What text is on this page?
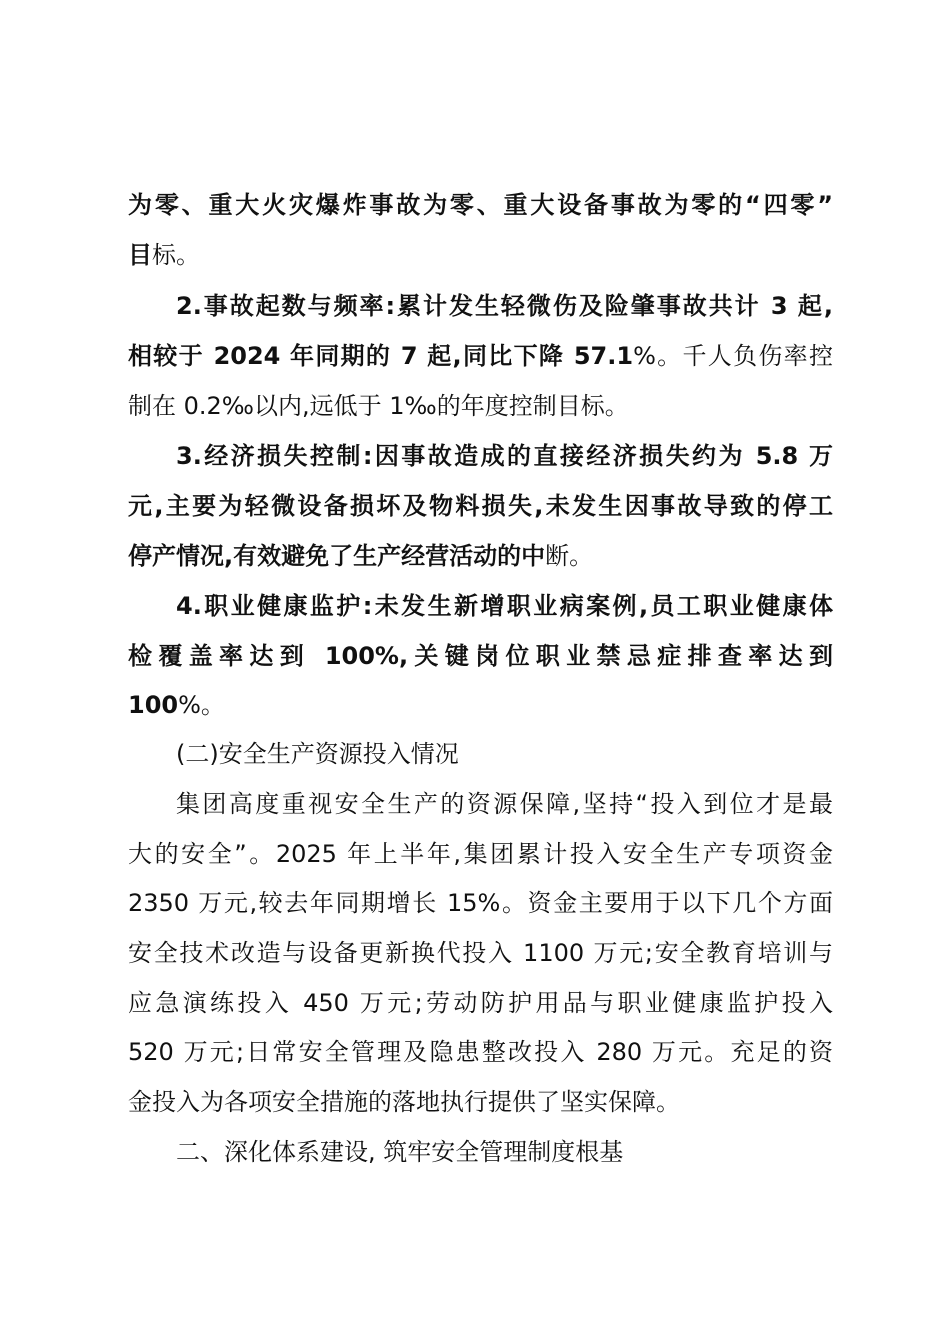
为零、重大火灾爆炸事故为零、重大设备事故为零的“四零”
目标。
2.事故起数与频率:累计发生轻微伤及险肇事故共计 3 起,
相较于 2024 年同期的 7 起,同比下降 57.1%。千人负伤率控
制在 0.2‰以内,远低于 1‰的年度控制目标。
3.经济损失控制:因事故造成的直接经济损失约为 5.8 万
元,主要为轻微设备损坏及物料损失,未发生因事故导致的停工
停产情况,有效避免了生产经营活动的中断。
4.职业健康监护:未发生新增职业病案例,员工职业健康体
检覆盖率达到 100%,关键岗位职业禁忌症排查率达到
100%。
(二)安全生产资源投入情况
集团高度重视安全生产的资源保障,坚持“投入到位才是最
大的安全”。2025 年上半年,集团累计投入安全生产专项资金
2350 万元,较去年同期增长 15%。资金主要用于以下几个方面
安全技术改造与设备更新换代投入 1100 万元;安全教育培训与
应急演练投入 450 万元;劳动防护用品与职业健康监护投入
520 万元;日常安全管理及隐患整改投入 280 万元。充足的资
金投入为各项安全措施的落地执行提供了坚实保障。
二、深化体系建设, 筑牢安全管理制度根基
